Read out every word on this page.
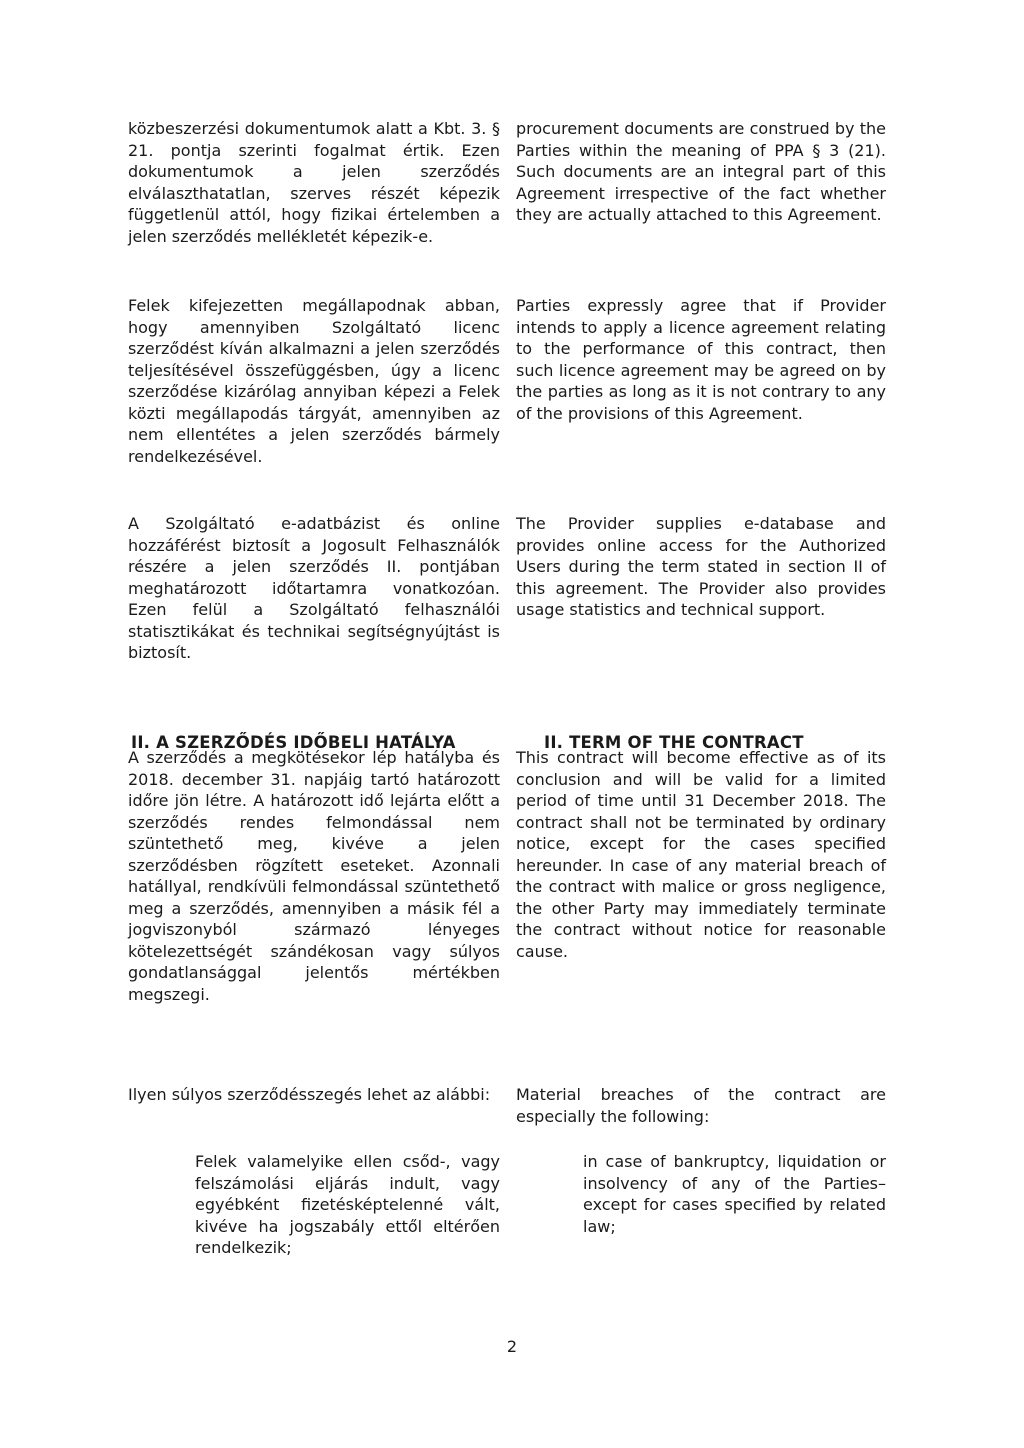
közbeszerzési dokumentumok alatt a Kbt. 3. § 21. pontja szerinti fogalmat értik. Ezen dokumentumok a jelen szerződés elválaszthatatlan, szerves részét képezik függetlenül attól, hogy fizikai értelemben a jelen szerződés mellékletét képezik-e.

procurement documents are construed by the Parties within the meaning of PPA § 3 (21). Such documents are an integral part of this Agreement irrespective of the fact whether they are actually attached to this Agreement.

Felek kifejezetten megállapodnak abban, hogy amennyiben Szolgáltató licenc szerződést kíván alkalmazni a jelen szerződés teljesítésével összefüggésben, úgy a licenc szerződése kizárólag annyiban képezi a Felek közti megállapodás tárgyát, amennyiben az nem ellentétes a jelen szerződés bármely rendelkezésével.

Parties expressly agree that if Provider intends to apply a licence agreement relating to the performance of this contract, then such licence agreement may be agreed on by the parties as long as it is not contrary to any of the provisions of this Agreement.

A Szolgáltató e-adatbázist és online hozzáférést biztosít a Jogosult Felhasználók részére a jelen szerződés II. pontjában meghatározott időtartamra vonatkozóan. Ezen felül a Szolgáltató felhasználói statisztikákat és technikai segítségnyújtást is biztosít.

The Provider supplies e-database and provides online access for the Authorized Users during the term stated in section II of this agreement. The Provider also provides usage statistics and technical support.

II. A SZERZŐDÉS IDŐBELI HATÁLYA	II. TERM OF THE CONTRACT

A szerződés a megkötésekor lép hatályba és 2018. december 31. napjáig tartó határozott időre jön létre. A határozott idő lejárta előtt a szerződés rendes felmondással nem szüntethető meg, kivéve a jelen szerződésben rögzített eseteket. Azonnali hatállyal, rendkívüli felmondással szüntethető meg a szerződés, amennyiben a másik fél a jogviszonyból származó lényeges kötelezettségét szándékosan vagy súlyos gondatlansággal jelentős mértékben megszegi.

This contract will become effective as of its conclusion and will be valid for a limited period of time until 31 December 2018. The contract shall not be terminated by ordinary notice, except for the cases specified hereunder. In case of any material breach of the contract with malice or gross negligence, the other Party may immediately terminate the contract without notice for reasonable cause.

Ilyen súlyos szerződésszegés lehet az alábbi:	Material breaches of the contract are especially the following:

Felek valamelyike ellen csőd-, vagy felszámolási eljárás indult, vagy egyébként fizetésképtelenné vált, kivéve ha jogszabály ettől eltérően rendelkezik;

in case of bankruptcy, liquidation or insolvency of any of the Parties– except for cases specified by related law;

2
